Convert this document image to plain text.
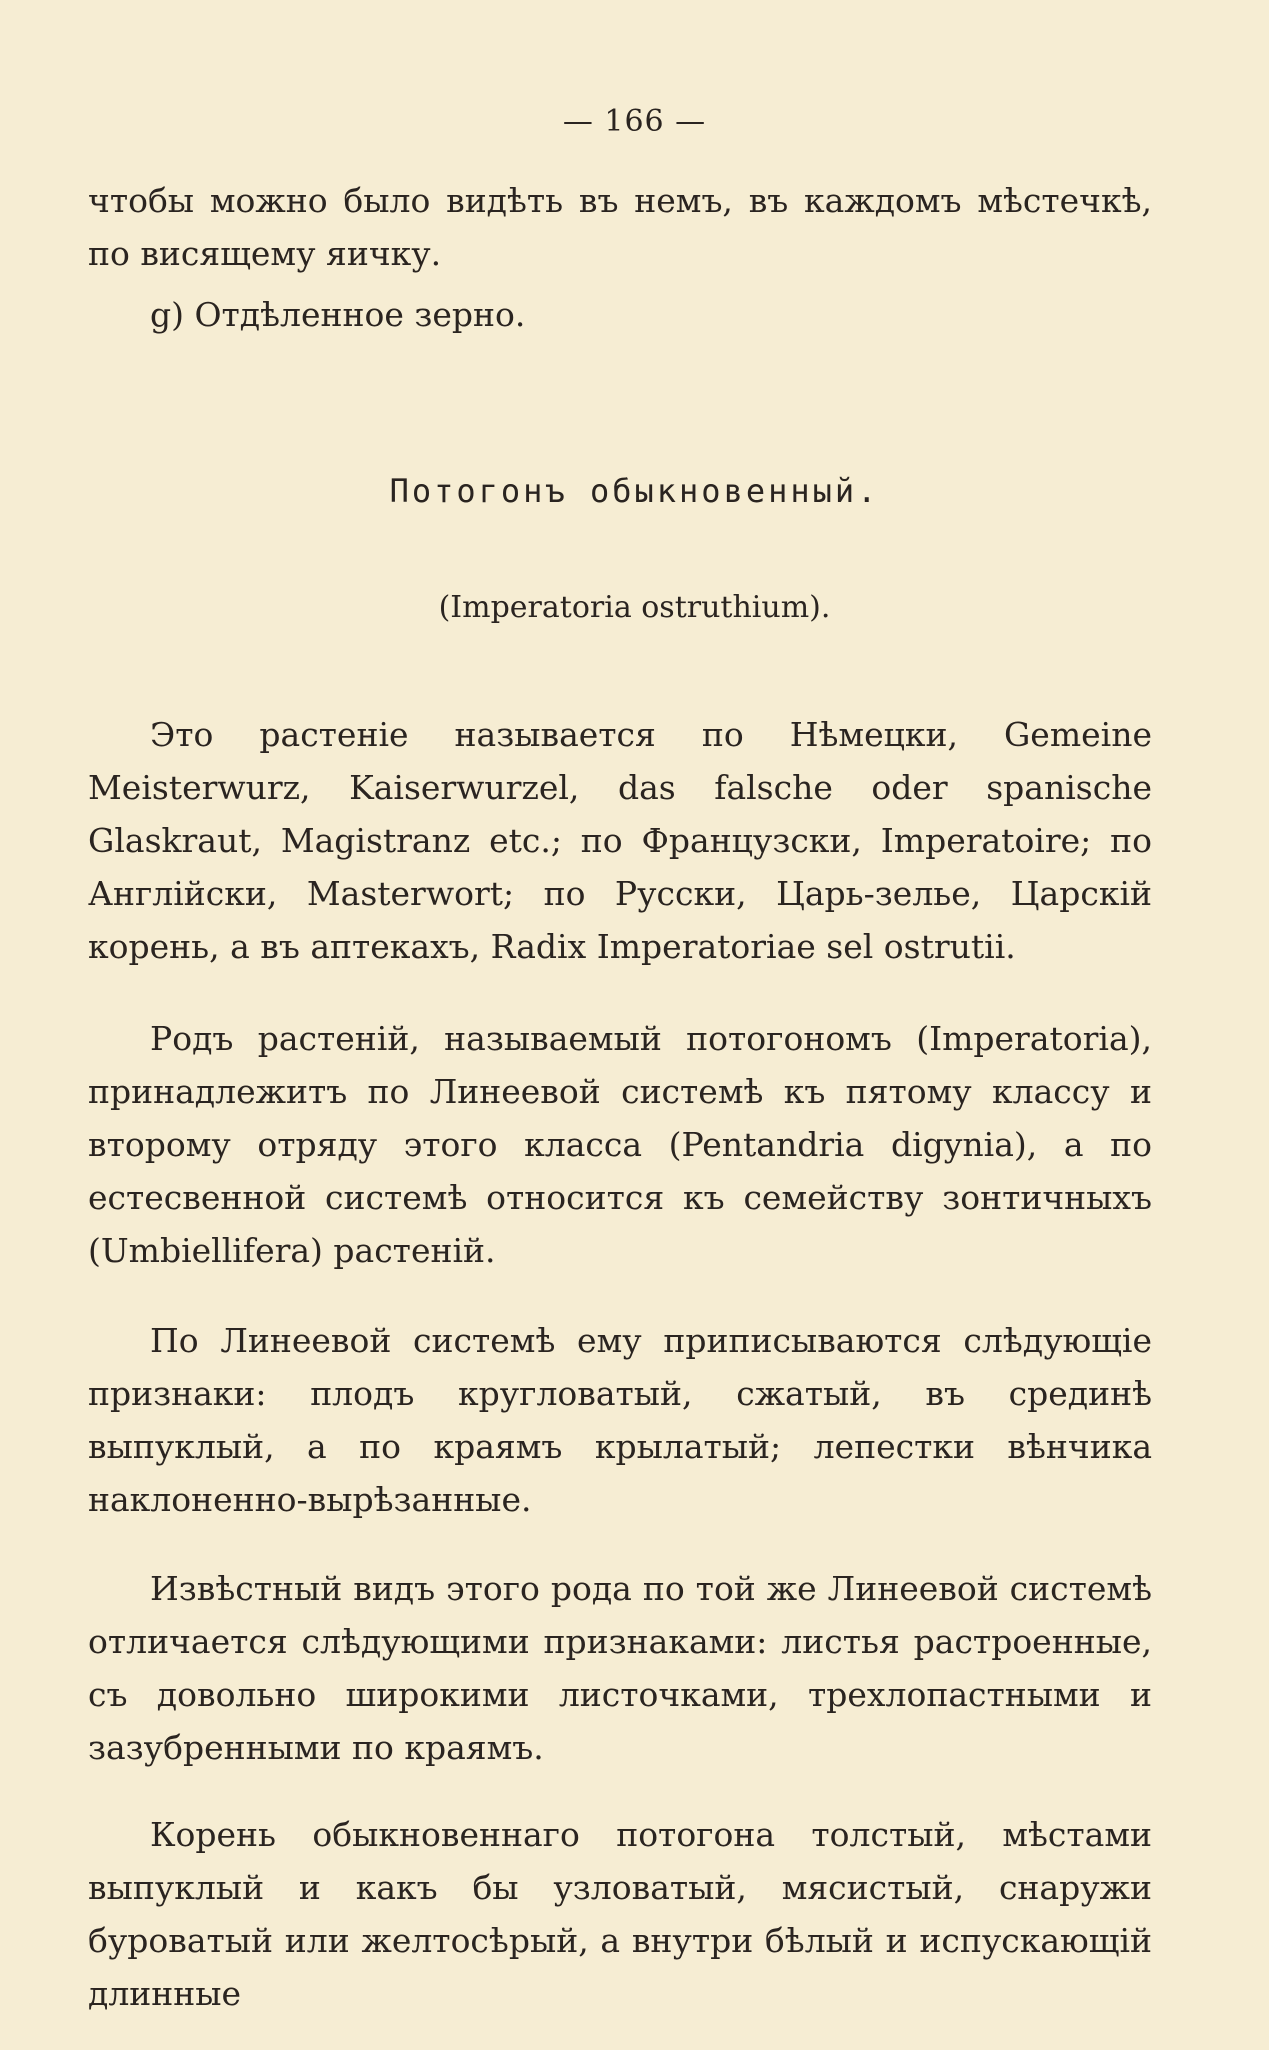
— 166 —

чтобы можно было видѣть въ немъ, въ каждомъ мѣстечкѣ, по висящему яичку.

g) Отдѣленное зерно.
Потогонъ обыкновенный.
(Imperatoria ostruthium).

Это растеніе называется по Нѣмецки, Gemeine Meisterwurz, Kaiserwurzel, das falsche oder spanische Glaskraut, Magistranz etc.; по Французски, Imperatoire; по Англійски, Masterwort; по Русски, Царь-зелье, Царскій корень, а въ аптекахъ, Radix Imperatoriae sel ostrutii.

Родъ растеній, называемый потогономъ (Imperatoria), принадлежитъ по Линеевой системѣ къ пятому классу и второму отряду этого класса (Pentandria digynia), а по естесвенной системѣ относится къ семейству зонтичныхъ (Umbiellifera) растеній.

По Линеевой системѣ ему приписываются слѣдующіе признаки: плодъ кругловатый, сжатый, въ срединѣ выпуклый, а по краямъ крылатый; лепестки вѣнчика наклоненно-вырѣзанные.

Извѣстный видъ этого рода по той же Линеевой системѣ отличается слѣдующими признаками: листья растроенные, съ довольно широкими листочками, трехлопастными и зазубренными по краямъ.

Корень обыкновеннаго потогона толстый, мѣстами выпуклый и какъ бы узловатый, мясистый, снаружи буроватый или желтосѣрый, а внутри бѣлый и испускающій длинные
